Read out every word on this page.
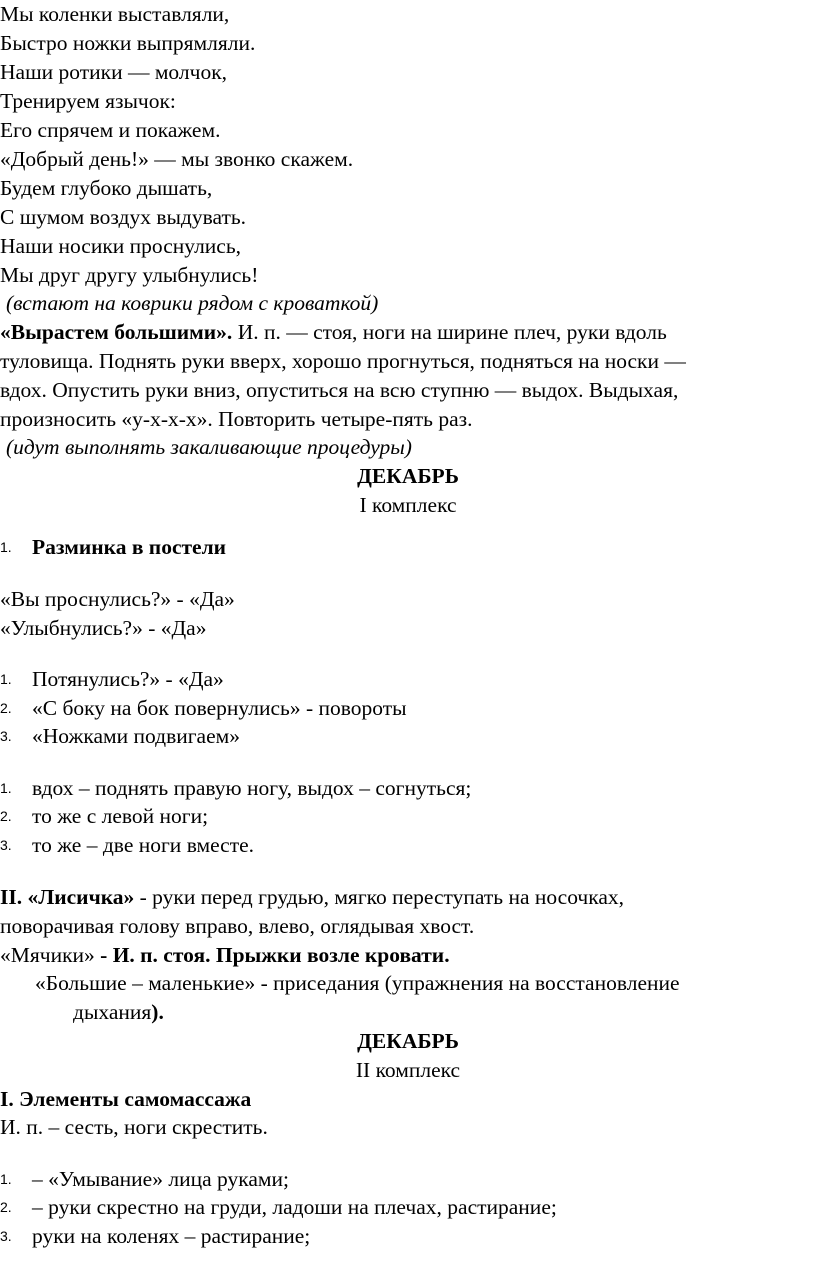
Мы коленки выставляли,
Быстро ножки выпрямляли.
Наши ротики — молчок,
Тренируем язычок:
Его спрячем и покажем.
«Добрый день!» — мы звонко скажем.
Будем глубоко дышать,
С шумом воздух выдувать.
Наши носики проснулись,
Мы друг другу улыбнулись!
(встают на коврики рядом с кроваткой)
«Вырастем большими». И. п. — стоя, ноги на ширине плеч, руки вдоль
туловища. Поднять руки вверх, хорошо прогнуться, подняться на носки —
вдох. Опустить руки вниз, опуститься на всю ступню — выдох. Выдыхая,
произносить «у-х-х-х». Повторить четыре-пять раз.
(идут выполнять закаливающие процедуры)
ДЕКАБРЬ
I комплекс
1. Разминка в постели
«Вы проснулись?» - «Да»
«Улыбнулись?» - «Да»
1. Потянулись?» - «Да»
2. «С боку на бок повернулись» - повороты
3. «Ножками подвигаем»
1. вдох – поднять правую ногу, выдох – согнуться;
2. то же с левой ноги;
3. то же – две ноги вместе.
II. «Лисичка» - руки перед грудью, мягко переступать на носочках,
поворачивая голову вправо, влево, оглядывая хвост.
«Мячики» - И. п. стоя. Прыжки возле кровати.
«Большие – маленькие» - приседания (упражнения на восстановление
дыхания).
ДЕКАБРЬ
II комплекс
I. Элементы самомассажа
И. п. – сесть, ноги скрестить.
1. – «Умывание» лица руками;
2. – руки скрестно на груди, ладоши на плечах, растирание;
3. руки на коленях – растирание;
